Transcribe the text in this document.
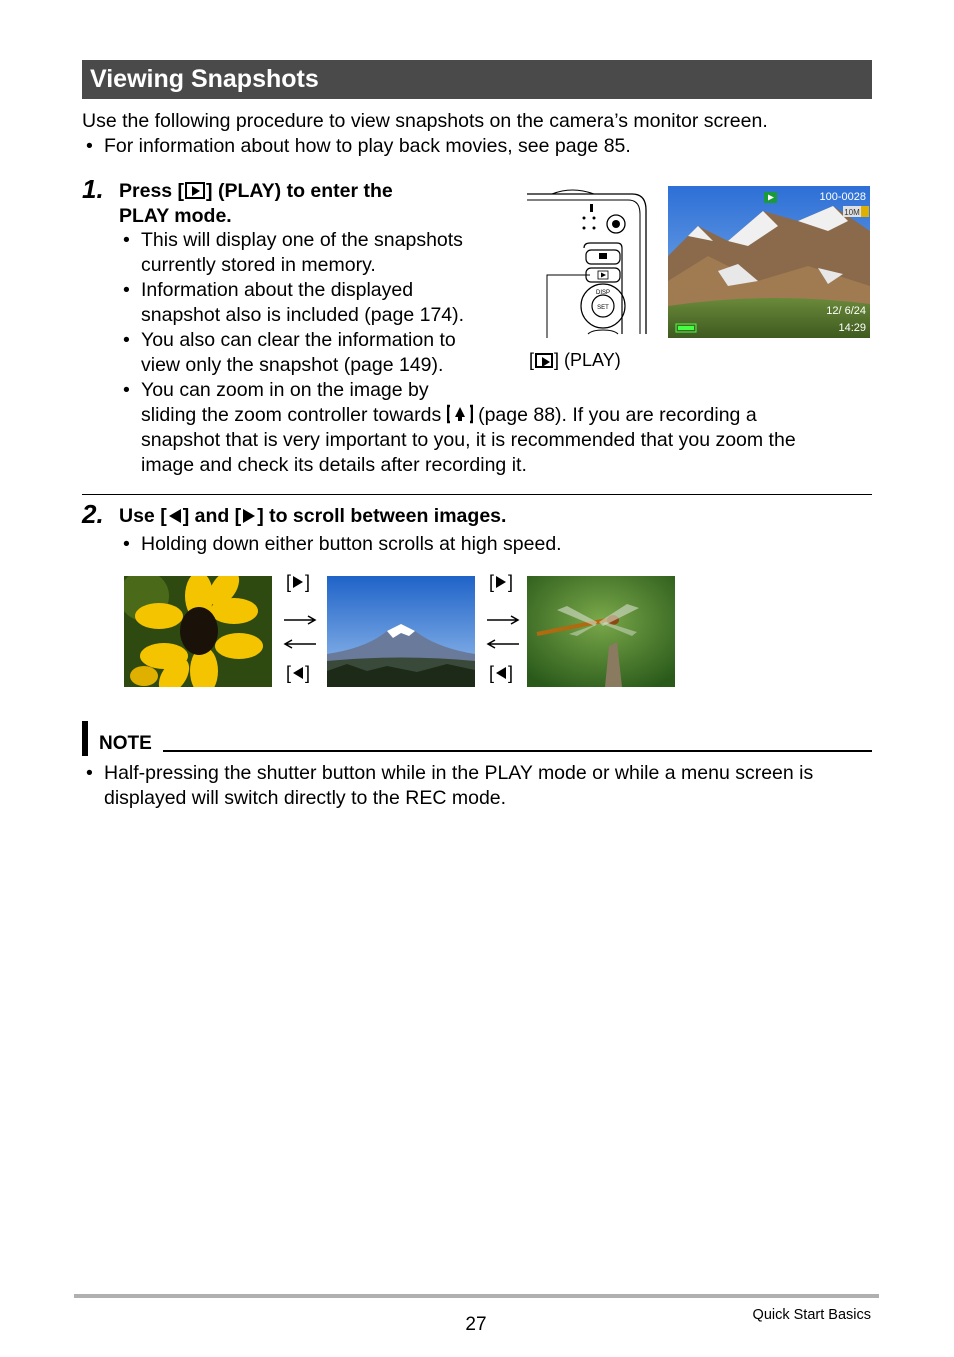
Viewing Snapshots
Use the following procedure to view snapshots on the camera’s monitor screen.
• For information about how to play back movies, see page 85.
1. Press [ ] (PLAY) to enter the
PLAY mode.
• This will display one of the snapshots
currently stored in memory.
• Information about the displayed
snapshot also is included (page 174).
• You also can clear the information to
view only the snapshot (page 149).
• You can zoom in on the image by
sliding the zoom controller towards (page 88). If you are recording a
snapshot that is very important to you, it is recommended that you zoom the
image and check its details after recording it.
DISP
SET
[ ] (PLAY)
100-0028
10M
12/ 6/24
14:29
2. Use [ ] and [ ] to scroll between images.
• Holding down either button scrolls at high speed.
[ ]
[ ]
[ ]
[ ]
NOTE
• Half-pressing the shutter button while in the PLAY mode or while a menu screen is
displayed will switch directly to the REC mode.
27	Quick Start Basics
